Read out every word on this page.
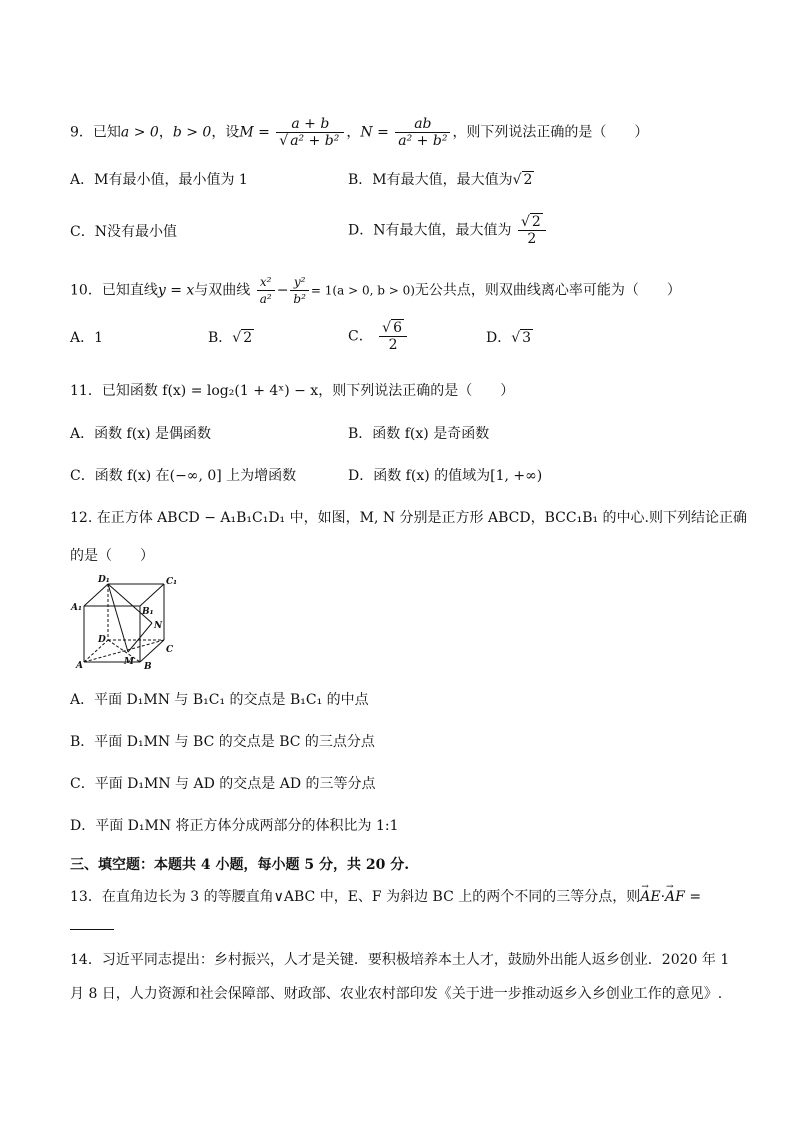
9．已知a > 0，b > 0，设$M = \frac{a + b}{\text{√ a² + b²}}$ ，$N = \frac{ab}{\text{a² + b²}}$ ，则下列说法正确的是（　　）
A．M有最小值，最小值为 1	B．M有最大值，最大值为√ 2
C．N没有最小值	D．N有最大值，最大值为 $\frac{√ 2}{2}$
10．已知直线y = x与双曲线 $\frac{\text{x²}}{\text{a²}} - \frac{\text{y²}}{\text{b²}} = 1(a > 0$, b > 0)无公共点，则双曲线离心率可能为（　　）
A．1	B．√ 2	C． $\frac{√ 6}{2}$	D．√ 3
11．已知函数 f(x) = log₂(1 + 4ˣ) − x，则下列说法正确的是（　　）
A．函数 f(x) 是偶函数	B．函数 f(x) 是奇函数
C．函数 f(x) 在(−∞, 0] 上为增函数	D．函数 f(x) 的值域为[1, +∞)
12. 在正方体 ABCD − A₁B₁C₁D₁ 中，如图，M, N 分别是正方形 ABCD，BCC₁B₁ 的中心.则下列结论正确
的是（　　）
D₁	C₁
A₁	B₁
N
D
C
A	M B
A．平面 D₁MN 与 B₁C₁ 的交点是 B₁C₁ 的中点
B．平面 D₁MN 与 BC 的交点是 BC 的三点分点
C．平面 D₁MN 与 AD 的交点是 AD 的三等分点
D．平面 D₁MN 将正方体分成两部分的体积比为 1:1
三、填空题：本题共 4 小题，每小题 5 分，共 20 分.
13．在直角边长为 3 的等腰直角∨ABC 中，E、F 为斜边 BC 上的两个不同的三等分点，则→ AE·→ AF =
14．习近平同志提出：乡村振兴，人才是关键．要积极培养本土人才，鼓励外出能人返乡创业．2020 年 1
月 8 日，人力资源和社会保障部、财政部、农业农村部印发《关于进一步推动返乡入乡创业工作的意见》.
